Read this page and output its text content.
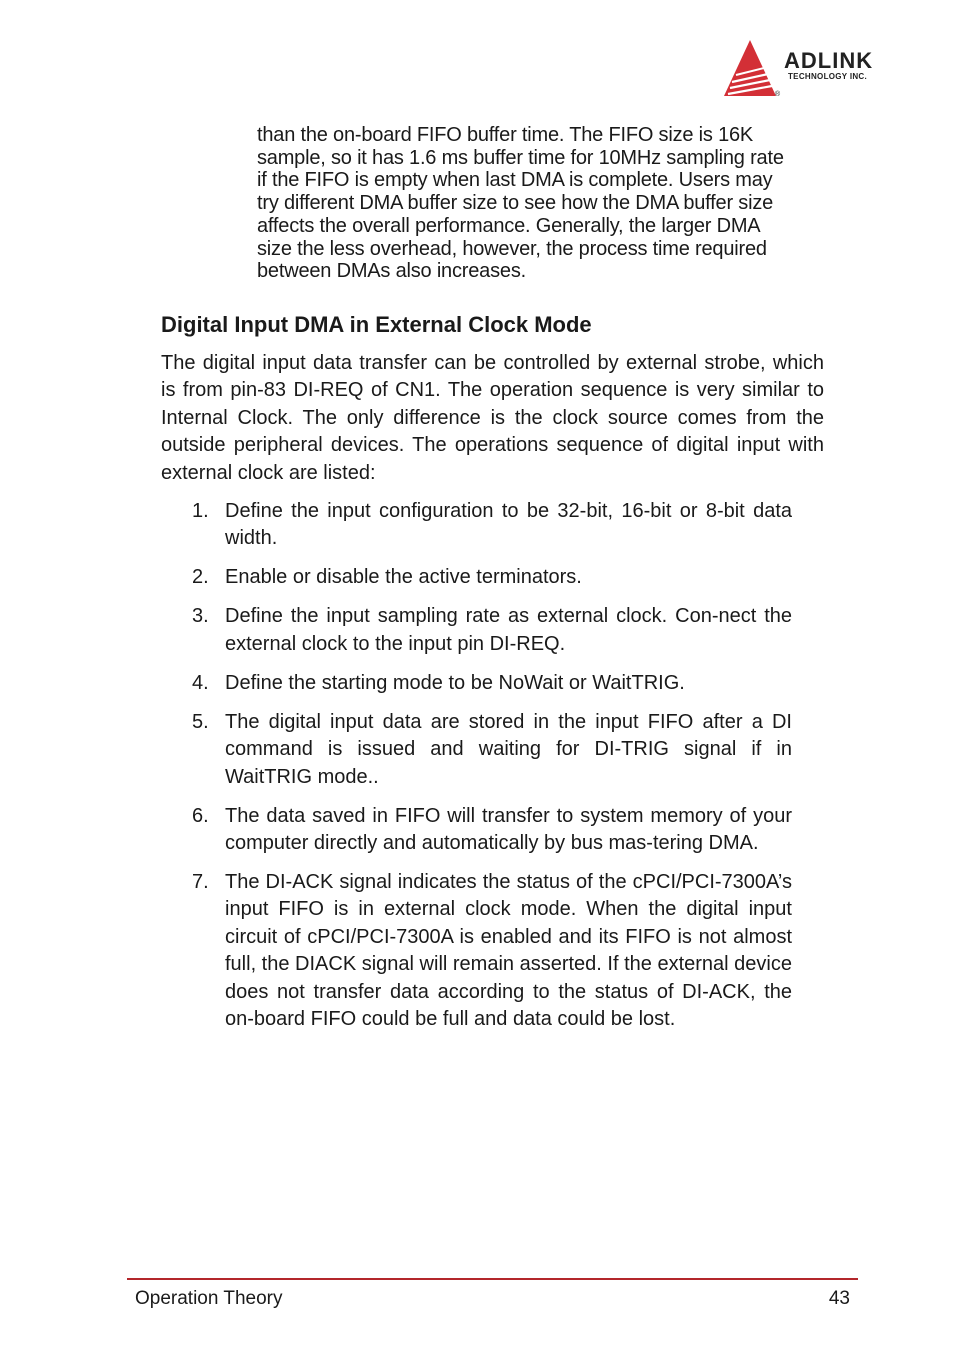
ADLINK
TECHNOLOGY INC.
®

than the on-board FIFO buffer time. The FIFO size is 16K

sample, so it has 1.6 ms buffer time for 10MHz sampling rate

if the FIFO is empty when last DMA is complete. Users may

try different DMA buffer size to see how the DMA buffer size

affects the overall performance. Generally, the larger DMA

size the less overhead, however, the process time required

between DMAs also increases.

Digital Input DMA in External Clock Mode

The digital input data transfer can be controlled by external strobe, which is from pin-83 DI-REQ of CN1. The operation sequence is very similar to Internal Clock. The only difference is the clock source comes from the outside peripheral devices. The operations sequence of digital input with external clock are listed:

1. Define the input configuration to be 32-bit, 16-bit or 8-bit data width.
2. Enable or disable the active terminators.
3. Define the input sampling rate as external clock. Con-nect the external clock to the input pin DI-REQ.
4. Define the starting mode to be NoWait or WaitTRIG.
5. The digital input data are stored in the input FIFO after a DI command is issued and waiting for DI-TRIG signal if in WaitTRIG mode..
6. The data saved in FIFO will transfer to system memory of your computer directly and automatically by bus mas-tering DMA.
7. The DI-ACK signal indicates the status of the cPCI/PCI-7300A’s input FIFO is in external clock mode. When the digital input circuit of cPCI/PCI-7300A is enabled and its FIFO is not almost full, the DIACK signal will remain asserted. If the external device does not transfer data according to the status of DI-ACK, the on-board FIFO could be full and data could be lost.
Operation Theory	43
